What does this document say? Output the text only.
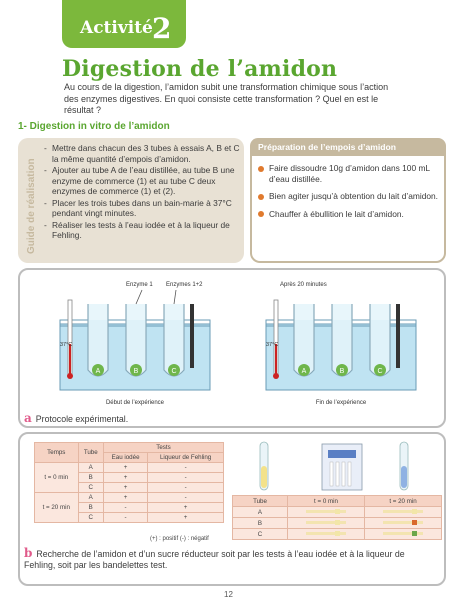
Activité 2
Digestion de l’amidon
Au cours de la digestion, l’amidon subit une transformation chimique sous l’action des enzymes digestives. En quoi consiste cette transformation ? Quel en est le résultat ?
1- Digestion in vitro de l’amidon
Guide de réalisation
- Mettre dans chacun des 3 tubes à essais A, B et C la même quantité d’empois d’amidon.
- Ajouter au tube A de l’eau distillée, au tube B une enzyme de commerce (1) et au tube C deux enzymes de commerce (1) et (2).
- Placer les trois tubes dans un bain-marie à 37°C pendant vingt minutes.
- Réaliser les tests à l’eau iodée et à la liqueur de Fehling.
Préparation de l’empois d’amidon
Faire dissoudre 10g d’amidon dans 100 mL d’eau distillée.
Bien agiter jusqu’à obtention du lait d’amidon.
Chauffer à ébullition le lait d’amidon.
A	B	C
37°C
Enzyme 1 Enzymes 1+2
Début de l’expérience
A	B	C
37°C
Après 20 minutes
Fin de l’expérience
a Protocole expérimental.
Temps	Tube	Tests	
		Eau iodée	Liqueur de Fehling
t = 0 min	A	+	-
	B	+	-
	C	+	-
t = 20 min	A	+	-
	B	-	+
	C	-	+
(+) : positif (-) : négatif
Tube	t = 0 min	t = 20 min
A	

B	

C	

b Recherche de l’amidon et d’un sucre réducteur soit par les tests à l’eau iodée et à la liqueur de Fehling, soit par les bandelettes test.
12
